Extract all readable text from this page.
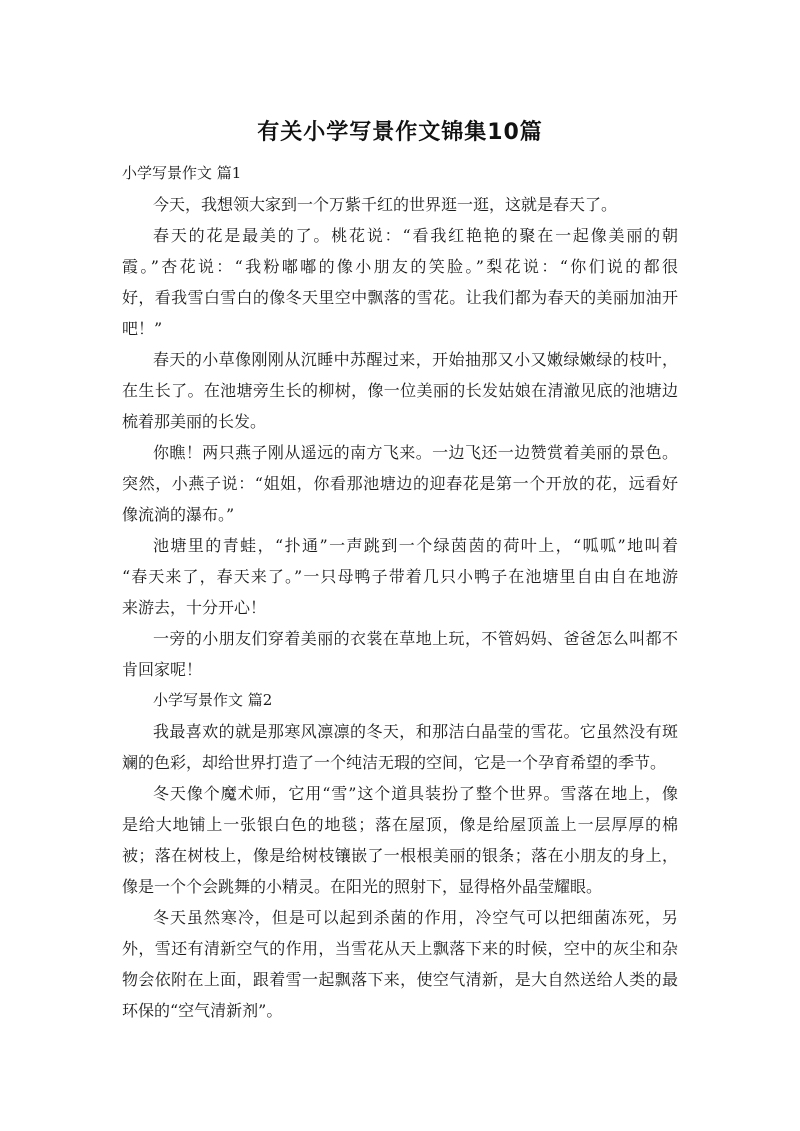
有关小学写景作文锦集10篇
小学写景作文 篇1
今天，我想领大家到一个万紫千红的世界逛一逛，这就是春天了。
春天的花是最美的了。桃花说：“看我红艳艳的聚在一起像美丽的朝
霞。”杏花说：“我粉嘟嘟的像小朋友的笑脸。”梨花说：“你们说的都很
好，看我雪白雪白的像冬天里空中飘落的雪花。让我们都为春天的美丽加油开
吧！”
春天的小草像刚刚从沉睡中苏醒过来，开始抽那又小又嫩绿嫩绿的枝叶，
在生长了。在池塘旁生长的柳树，像一位美丽的长发姑娘在清澈见底的池塘边
梳着那美丽的长发。
你瞧！两只燕子刚从遥远的南方飞来。一边飞还一边赞赏着美丽的景色。
突然，小燕子说：“姐姐，你看那池塘边的迎春花是第一个开放的花，远看好
像流淌的瀑布。”
池塘里的青蛙，“扑通”一声跳到一个绿茵茵的荷叶上，“呱呱”地叫着
“春天来了，春天来了。”一只母鸭子带着几只小鸭子在池塘里自由自在地游
来游去，十分开心！
一旁的小朋友们穿着美丽的衣裳在草地上玩，不管妈妈、爸爸怎么叫都不
肯回家呢！
小学写景作文 篇2
我最喜欢的就是那寒风凛凛的冬天，和那洁白晶莹的雪花。它虽然没有斑
斓的色彩，却给世界打造了一个纯洁无瑕的空间，它是一个孕育希望的季节。
冬天像个魔术师，它用“雪”这个道具装扮了整个世界。雪落在地上，像
是给大地铺上一张银白色的地毯；落在屋顶，像是给屋顶盖上一层厚厚的棉
被；落在树枝上，像是给树枝镶嵌了一根根美丽的银条；落在小朋友的身上，
像是一个个会跳舞的小精灵。在阳光的照射下，显得格外晶莹耀眼。
冬天虽然寒冷，但是可以起到杀菌的作用，冷空气可以把细菌冻死，另
外，雪还有清新空气的作用，当雪花从天上飘落下来的时候，空中的灰尘和杂
物会依附在上面，跟着雪一起飘落下来，使空气清新，是大自然送给人类的最
环保的“空气清新剂”。
